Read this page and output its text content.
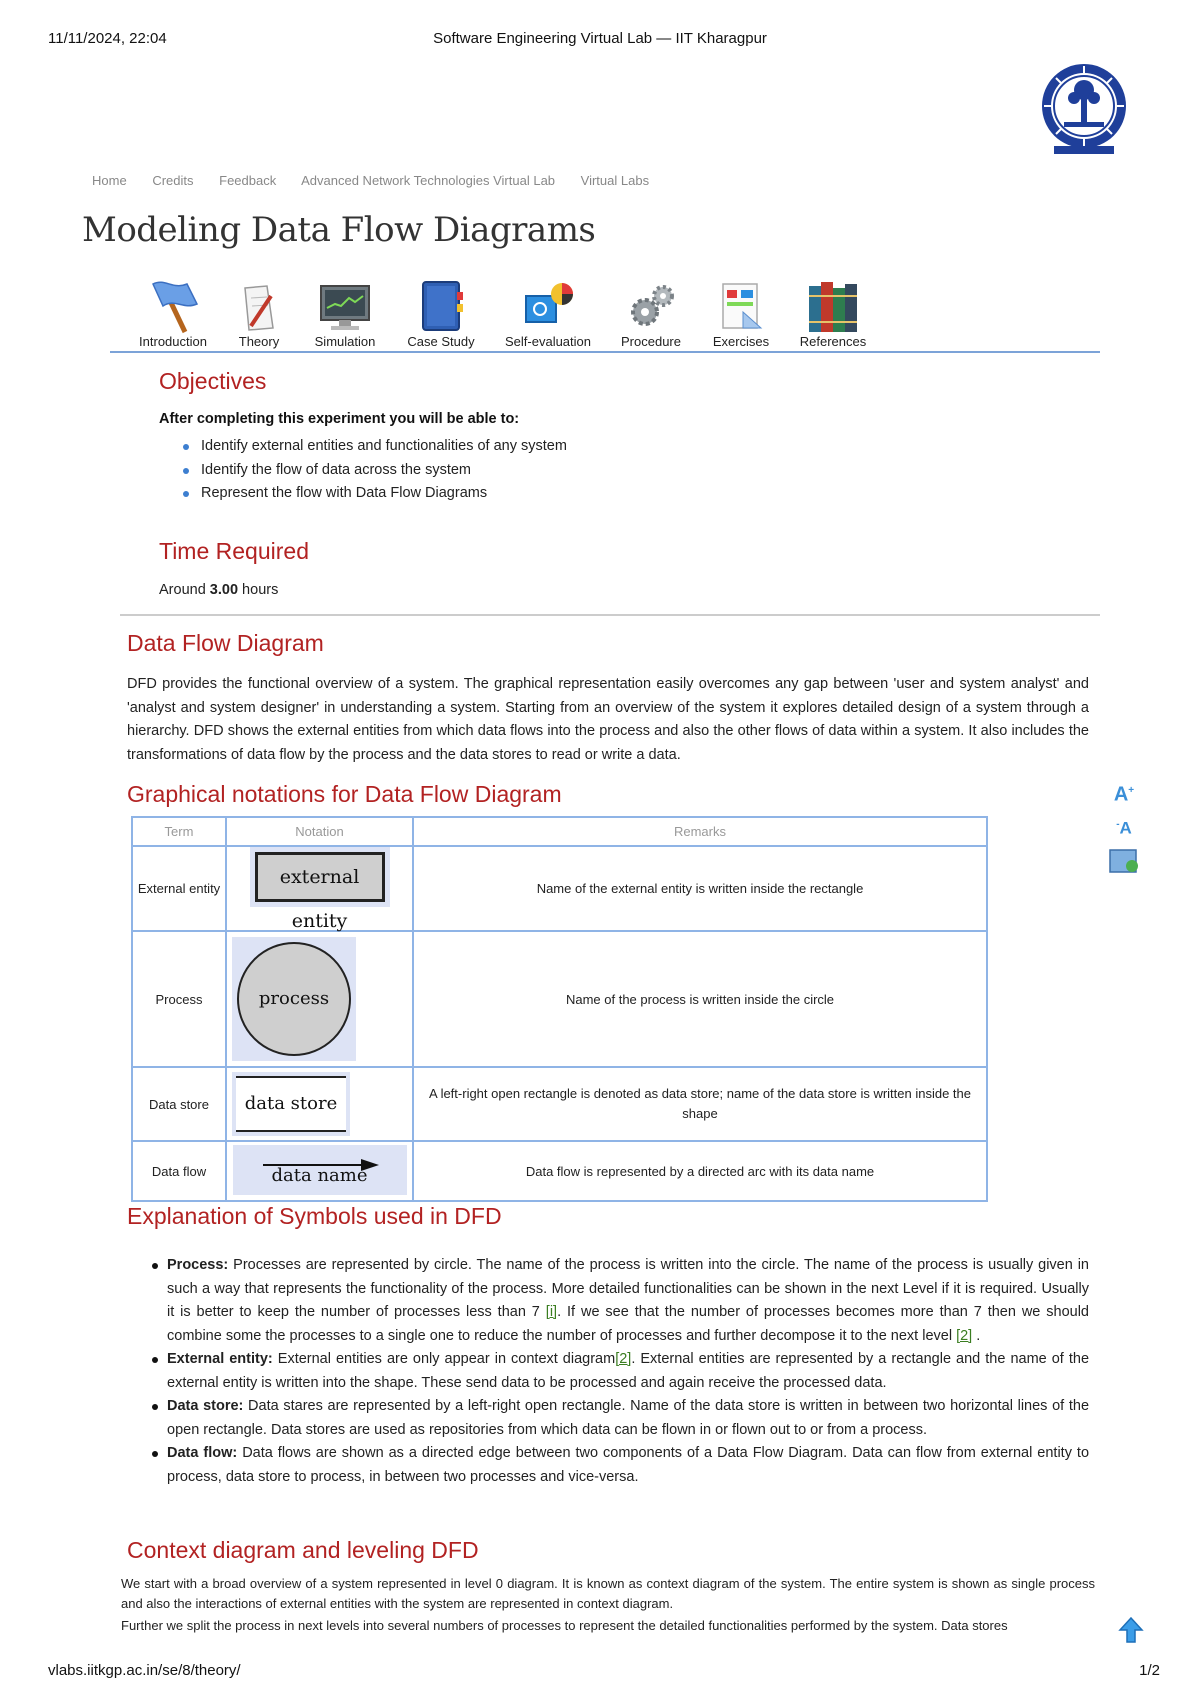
11/11/2024, 22:04	Software Engineering Virtual Lab — IIT Kharagpur
Home Credits Feedback Advanced Network Technologies Virtual Lab Virtual Labs
Modeling Data Flow Diagrams
Introduction	Theory	Simulation	Case Study	Self-evaluation	Procedure	Exercises	References
Objectives

After completing this experiment you will be able to:

Identify external entities and functionalities of any system
Identify the flow of data across the system
Represent the flow with Data Flow Diagrams
Time Required

Around 3.00 hours

Data Flow Diagram

DFD provides the functional overview of a system. The graphical representation easily overcomes any gap between 'user and system analyst' and 'analyst and system designer' in understanding a system. Starting from an overview of the system it explores detailed design of a system through a hierarchy. DFD shows the external entities from which data flows into the process and also the other flows of data within a system. It also includes the transformations of data flow by the process and the data stores to read or write a data.

Graphical notations for Data Flow Diagram
Term	Notation	Remarks
External entity	external entity	Name of the external entity is written inside the rectangle
Process	process	Name of the process is written inside the circle
Data store	data store	A left-right open rectangle is denoted as data store; name of the data store is written inside the shape
Data flow	data name	Data flow is represented by a directed arc with its data name
Explanation of Symbols used in DFD
Process: Processes are represented by circle. The name of the process is written into the circle. The name of the process is usually given in such a way that represents the functionality of the process. More detailed functionalities can be shown in the next Level if it is required. Usually it is better to keep the number of processes less than 7 [i]. If we see that the number of processes becomes more than 7 then we should combine some the processes to a single one to reduce the number of processes and further decompose it to the next level [2] .
External entity: External entities are only appear in context diagram[2]. External entities are represented by a rectangle and the name of the external entity is written into the shape. These send data to be processed and again receive the processed data.
Data store: Data stares are represented by a left-right open rectangle. Name of the data store is written in between two horizontal lines of the open rectangle. Data stores are used as repositories from which data can be flown in or flown out to or from a process.
Data flow: Data flows are shown as a directed edge between two components of a Data Flow Diagram. Data can flow from external entity to process, data store to process, in between two processes and vice-versa.
Context diagram and leveling DFD

We start with a broad overview of a system represented in level 0 diagram. It is known as context diagram of the system. The entire system is shown as single process and also the interactions of external entities with the system are represented in context diagram.

Further we split the process in next levels into several numbers of processes to represent the detailed functionalities performed by the system. Data stores

A+
-A
vlabs.iitkgp.ac.in/se/8/theory/	1/2
